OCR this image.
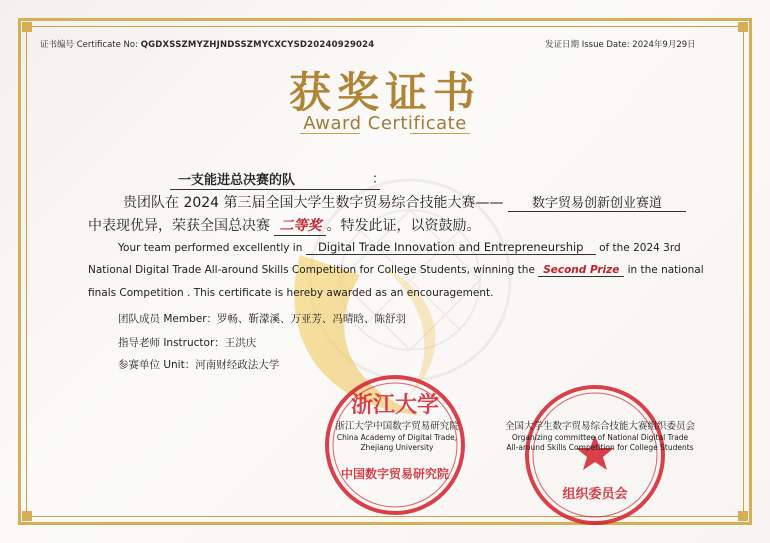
证书编号 Certificate No: QGDXSSZMYZHJNDSSZMYCXCYSD20240929024	发证日期 Issue Date: 2024年9月29日
获奖证书
Award Certificate
一支能进总决赛的队	：
贵团队在 2024 第三届全国大学生数字贸易综合技能大赛—— 数字贸易创新创业赛道
中表现优异，荣获全国总决赛 二等奖 。特发此证，以资鼓励。
Your team performed excellently in Digital Trade Innovation and Entrepreneurship of the 2024 3rd
National Digital Trade All-around Skills Competition for College Students, winning the Second Prize in the national
finals Competition . This certificate is hereby awarded as an encouragement.
团队成员 Member：罗畅、靳濛溪、万亚芳、冯晴晗、陈舒羽
指导老师 Instructor：王洪庆
参赛单位 Unit：河南财经政法大学
浙江大学
中国数字贸易研究院
组织委员会
浙江大学中国数字贸易研究院
China Academy of Digital Trade,
Zhejiang University
全国大学生数字贸易综合技能大赛组织委员会
Organizing committee of National Digital Trade
All-around Skills Competition for College Students
